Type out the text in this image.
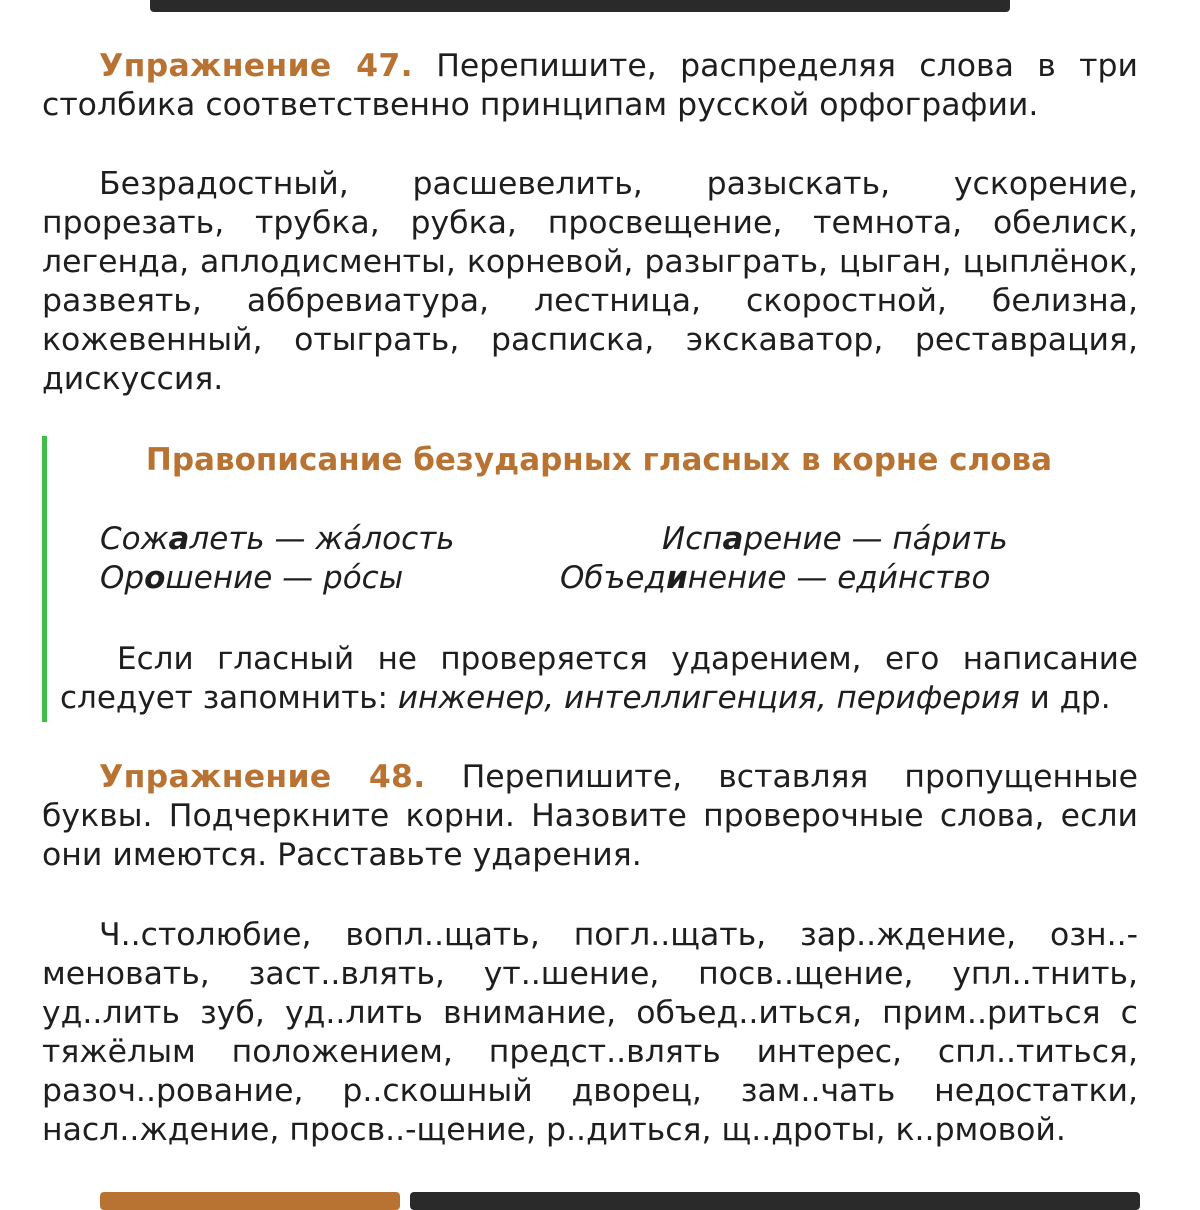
Упражнение 47. Перепишите, распределяя слова в три столбика соответственно принципам русской орфографии.
Безрадостный, расшевелить, разыскать, ускорение, прорезать, трубка, рубка, просвещение, темнота, обелиск, легенда, аплодисменты, корневой, разыграть, цыган, цыплёнок, развеять, аббревиатура, лестница, скоростной, белизна, кожевенный, отыграть, расписка, экскаватор, реставрация, дискуссия.
Правописание безударных гласных в корне слова
Сожалеть — жа́лость	Испарение — па́рить
Орошение — ро́сы	Объединение — еди́нство
Если гласный не проверяется ударением, его написание следует запомнить: инженер, интеллигенция, периферия и др.
Упражнение 48. Перепишите, вставляя пропущенные буквы. Подчеркните корни. Назовите проверочные слова, если они имеются. Расставьте ударения.
Ч..столюбие, вопл..щать, погл..щать, зар..ждение, озн..-меновать, заст..влять, ут..шение, посв..щение, упл..тнить, уд..лить зуб, уд..лить внимание, объед..иться, прим..риться с тяжёлым положением, предст..влять интерес, спл..титься, разоч..рование, р..скошный дворец, зам..чать недостатки, насл..ждение, просв..-щение, р..диться, щ..дроты, к..рмовой.
